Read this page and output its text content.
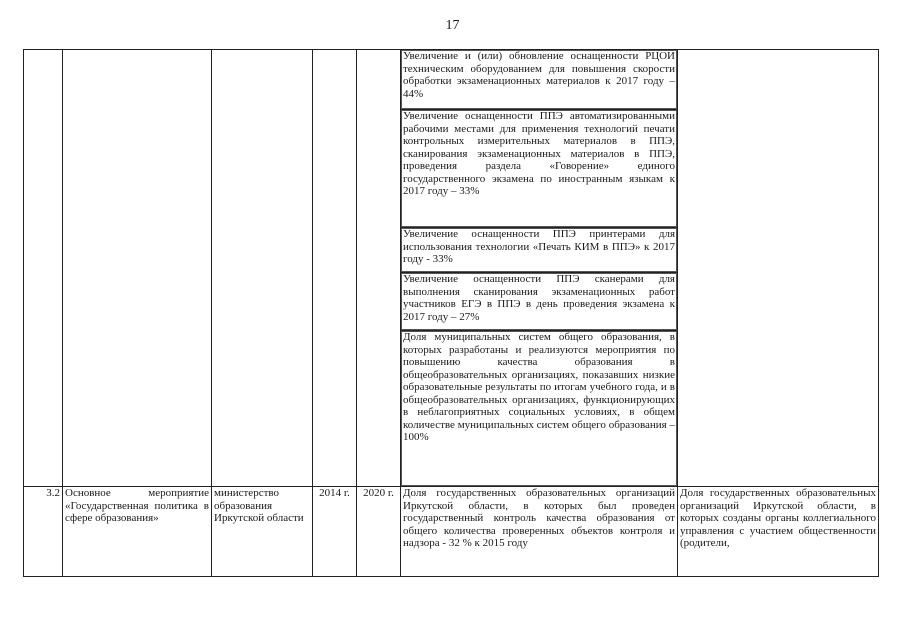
17
					Увеличение и (или) обновление оснащенности РЦОИ техническим оборудованием для повышения скорости обработки экзаменационных материалов к 2017 году – 44%	
					Увеличение оснащенности ППЭ автоматизированными рабочими местами для применения технологий печати контрольных измерительных материалов в ППЭ, сканирования экзаменационных материалов в ППЭ, проведения раздела «Говорение» единого государственного экзамена по иностранным языкам к 2017 году – 33%	
					Увеличение оснащенности ППЭ принтерами для использования технологии «Печать КИМ в ППЭ» к 2017 году - 33%	
					Увеличение оснащенности ППЭ сканерами для выполнения сканирования экзаменационных работ участников ЕГЭ в ППЭ в день проведения экзамена к 2017 году – 27%	
					Доля муниципальных систем общего образования, в которых разработаны и реализуются мероприятия по повышению качества образования в общеобразовательных организациях, показавших низкие образовательные результаты по итогам учебного года, и в общеобразовательных организациях, функционирующих в неблагоприятных социальных условиях, в общем количестве муниципальных систем общего образования – 100%	
3.2	Основное мероприятие «Государственная политика в сфере образования»	министерство образования Иркутской области	2014 г.	2020 г.	Доля государственных образовательных организаций Иркутской области, в которых был проведен государственный контроль качества образования от общего количества проверенных объектов контроля и надзора - 32 % к 2015 году	Доля государственных образовательных организаций Иркутской области, в которых созданы органы коллегиального управления с участием общественности (родители,
